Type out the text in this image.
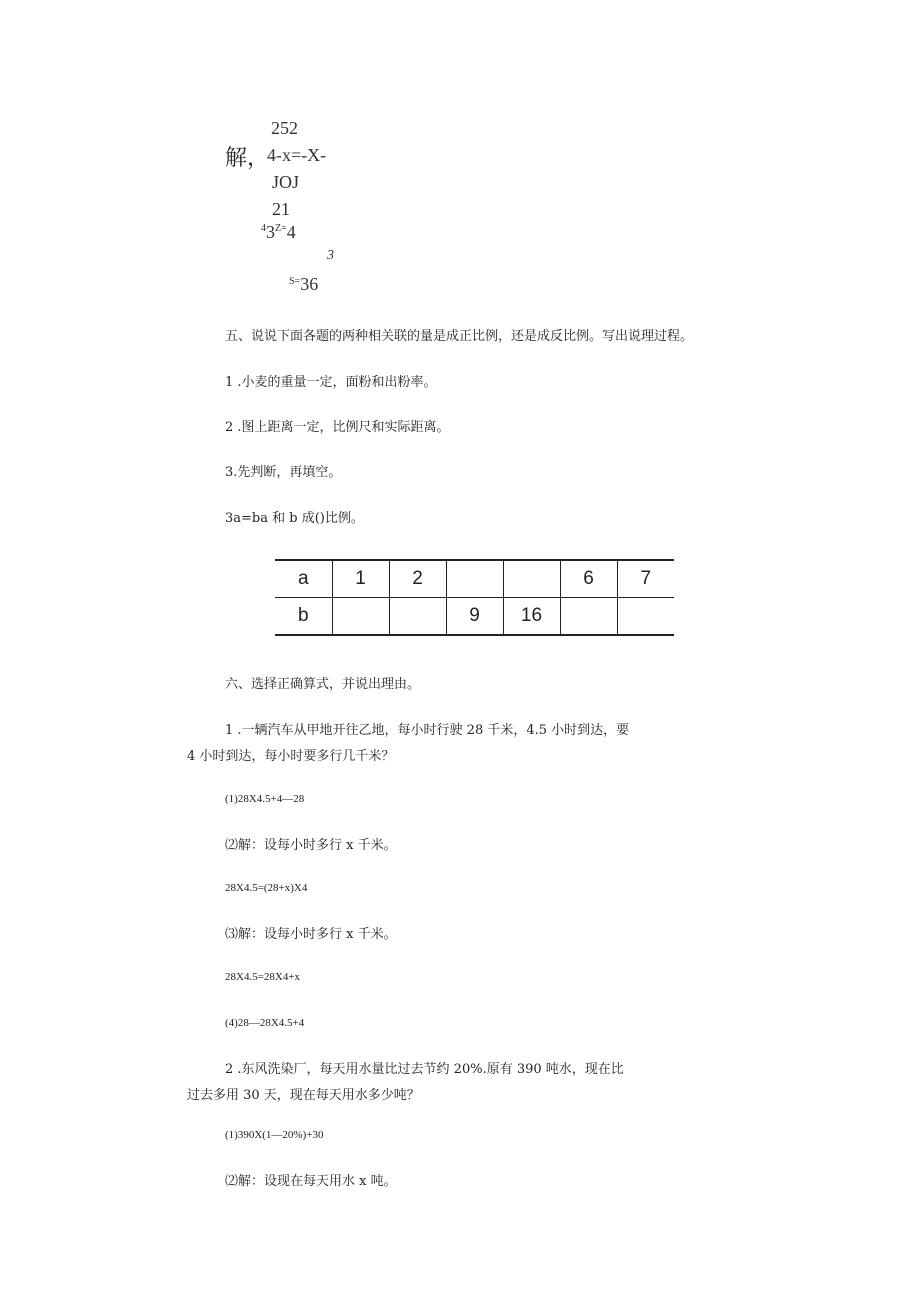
252
解，
4-x=-X-
JOJ
21
$^43^{Z=}4$
3
$^{S=}$36
五、说说下面各题的两种相关联的量是成正比例，还是成反比例。写出说理过程。
1 .小麦的重量一定，面粉和出粉率。
2 .图上距离一定，比例尺和实际距离。
3.先判断，再填空。
3a=ba 和 b 成()比例。
a	1	2			6	7
b			9	16		
六、选择正确算式，并说出理由。
1 .一辆汽车从甲地开往乙地，每小时行驶 28 千米，4.5 小时到达，要
4 小时到达，每小时要多行几千米？
(1)28X4.5+4—28
⑵解：设每小时多行 x 千米。
28X4.5=(28+x)X4
⑶解：设每小时多行 x 千米。
28X4.5=28X4+x
(4)28—28X4.5+4
2 .东风洗染厂，每天用水量比过去节约 20%.原有 390 吨水，现在比
过去多用 30 天，现在每天用水多少吨？
(1)390X(1—20%)+30
⑵解：设现在每天用水 x 吨。
